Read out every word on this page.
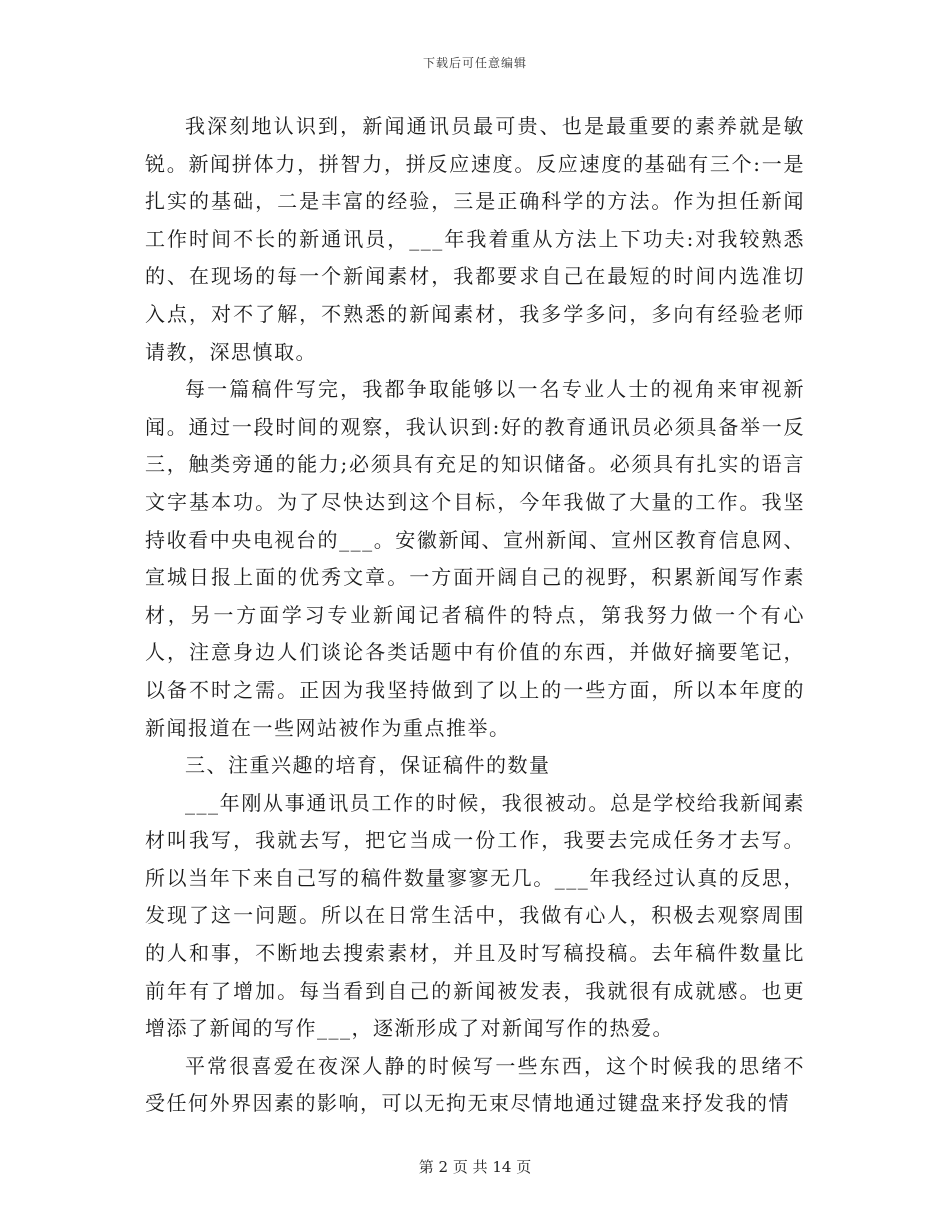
下载后可任意编辑

我深刻地认识到，新闻通讯员最可贵、也是最重要的素养就是敏锐。新闻拼体力，拼智力，拼反应速度。反应速度的基础有三个:一是扎实的基础，二是丰富的经验，三是正确科学的方法。作为担任新闻工作时间不长的新通讯员，___年我着重从方法上下功夫:对我较熟悉的、在现场的每一个新闻素材，我都要求自己在最短的时间内选准切入点，对不了解，不熟悉的新闻素材，我多学多问，多向有经验老师请教，深思慎取。

每一篇稿件写完，我都争取能够以一名专业人士的视角来审视新闻。通过一段时间的观察，我认识到:好的教育通讯员必须具备举一反三，触类旁通的能力;必须具有充足的知识储备。必须具有扎实的语言文字基本功。为了尽快达到这个目标，今年我做了大量的工作。我坚持收看中央电视台的___。安徽新闻、宣州新闻、宣州区教育信息网、宣城日报上面的优秀文章。一方面开阔自己的视野，积累新闻写作素材，另一方面学习专业新闻记者稿件的特点，第我努力做一个有心人，注意身边人们谈论各类话题中有价值的东西，并做好摘要笔记，以备不时之需。正因为我坚持做到了以上的一些方面，所以本年度的新闻报道在一些网站被作为重点推举。

三、注重兴趣的培育，保证稿件的数量

___年刚从事通讯员工作的时候，我很被动。总是学校给我新闻素材叫我写，我就去写，把它当成一份工作，我要去完成任务才去写。所以当年下来自己写的稿件数量寥寥无几。___年我经过认真的反思，发现了这一问题。所以在日常生活中，我做有心人，积极去观察周围的人和事，不断地去搜索素材，并且及时写稿投稿。去年稿件数量比前年有了增加。每当看到自己的新闻被发表，我就很有成就感。也更增添了新闻的写作___，逐渐形成了对新闻写作的热爱。

平常很喜爱在夜深人静的时候写一些东西，这个时候我的思绪不受任何外界因素的影响，可以无拘无束尽情地通过键盘来抒发我的情

第 2 页 共 14 页
